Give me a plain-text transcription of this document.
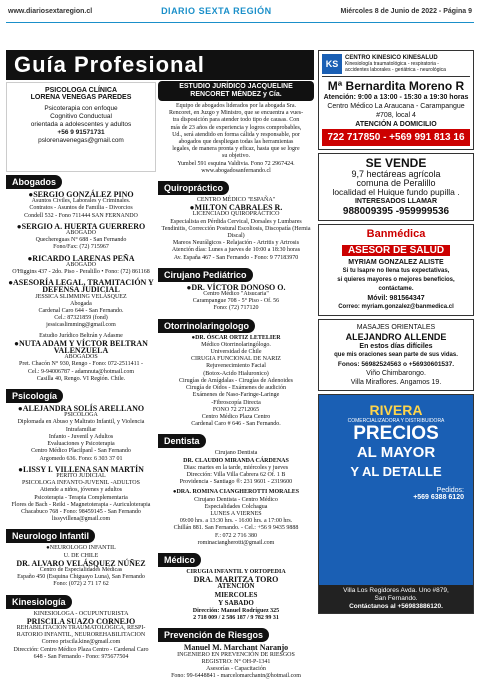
www.diariosextaregion.cl	DIARIO SEXTA REGIÓN	Miércoles 8 de Junio de 2022 - Página 9
Guía Profesional
PSICOLOGA CLÍNICA
LORENA VENEGAS PAREDES
Psicoterapia con enfoque
Cognitivo Conductual
orientada a adolescentes y adultos
+56 9 91571731
pslorenavenegas@gmail.com
Abogados
● SERGIO GONZÁLEZ PINO
Asuntos Civiles, Laborales y Criminales.
Contratos - Asuntos de Familia - Divorcios
Condell 532 - Fono 711444 SAN FERNANDO
● SERGIO A. HUERTA GUERRERO
ABOGADO
Quechereguas N° 688 - San Fernando
Fono/Fax: (72) 715967
● RICARDO LARENAS PEÑA
ABOGADO
O'Higgins 437 - 2do. Piso - Peralillo • Fono: (72) 861168
● ASESORÍA LEGAL, TRAMITACIÓN Y DEFENSA JUDICIAL
JESSICA SLIMMING VELÁSQUEZ
Abogada
Cardenal Caro 644 - San Fernando.
Cel.: 87321859 (fond)
jessicaslimming@gmail.com
Estudio Jurídico Beltrán y Adasme
● NUTA ADAM Y VÍCTOR BELTRAN VALENZUELA
ABOGADOS
Pret. Chacón N° 930, Rengo - Fono: 072-2511411 -
Cel.: 9-94006787 - adamnuta@hotmail.com
Casilla 40, Rengo. VI Región. Chile.
Psicología
● ALEJANDRA SOLÍS ARELLANO
PSICÓLOGA
Diplomada en Abuso y Maltrato Infantil, y Violencia Intrafamiliar
Infanto - Juvenil y Adultos
Evaluaciones y Psicoterapia
Centro Médico Placilpanl - San Fernando
Argomedo 636. Fono: 6 303 37 01
● LISSY I. VILLENA SAN MARTÍN
PERITO JUDICIAL
PSICOLOGA INFANTO-JUVENIL -ADULTOS
Atiende a niños, jóvenes y adultos
Psicoterapia - Terapia Complementaria
Flores de Bach - Reiki - Magnetoterapia - Auriculoterapia
Chacabuco 768 - Fono: 98459145 - San Fernando
lissyvillena@gmail.com
Neurologo Infantil
● NEUROLOGO INFANTIL
U. DE CHILE
DR. ALVARO VELÁSQUEZ NÚÑEZ
Centro de Especialidades Médicas
Españo 450 (Esquina Chiguayo Luna), San Fernando
Fono: (072) 2 71 17 62
Kinesiología
KINESIOLOGA - OCUPUNTURISTA
PRISCILA SUAZO CORNEJO
REHABILITACION TRAUMATOLÓGICA, RESPI-
RATORIO INFANTIL, NEUROREHABILITACION
Correo priscila.kine@gmail.com
Dirección: Centro Médico Plaza Centro - Cardenal Caro
648 - San Fernando - Fono: 975677504
ESTUDIO JURÍDICO JACQUELINE RENCORET MÉNDEZ y Cía.
Equipo de abogados liderados por la abogada Sra.
Rencoret, en Juzgo y Ministro, que se encuentra a vues-
tra disposición para atender todo tipo de causas. Con
más de 23 años de experiencia y logros comprobables,
Ud., será atendido en forma cálida y responsable, por
abogados que despliegan todas las herramientas
legales, de manera pronta y eficaz, hasta que se logre
su objetivo.
Yumbel 591 esquina Valdivia. Fono 72 2967424.
www.abogadosanfernando.cl
Quiropráctico
CENTRO MÉDICO "ESPAÑA"
● MILTON CABRALES R.
LICENCIADO QUIROPRÁCTICO
Especialista en Pérdida Cervical, Dorsales y Lumbares
Tendinitis, Corrección Postural Escoliosis, Discopatía (Hernia Discal)
Mareos Neurálgicos - Relajación - Artritis y Artrosis
Atención días: Lunes a jueves de 10:00 a 18:30 horas
Av. España 467 - San Fernando - Fono: 9 77183970
Cirujano Pediátrico
● DR. VÍCTOR DONOSO O.
Centro Médico "Atsucaria"
Carampangue 708 - 5° Piso - Of. 56
Fono: (72) 717120
Otorrinolaringologo
● DR. ÓSCAR ORTIZ LETELIER
Médico Otorrinolaringólogo.
Universidad de Chile
CIRUGIA FUNCIONAL DE NARIZ
Rejuvenecimiento Facial
(Botox-Acido Hialuronico)
Cirugías de Amígdalas - Cirugías de Adenoides
Cirugía de Oídos - Exámenes de audición
Exámenes de Naso-Faringe-Laringe
-Fibroscopía Directa
FONO 72 2712065
Centro Médico Plaza Centro
Cardenal Caro # 646 - San Fernando.
Dentista
Cirujano Dentista
DR. CLAUDIO MIRANDA CÁRDENAS
Dias: martes en la tarde, miércoles y jueves
Dirección: Villa Villa Cabrera 62 Of. 1 B
Providencia - Santiago ®: 231 9601 - 2319600
● DRA. ROMINA CIANGHEROTTI MORALES
Cirujano Dentista - Centro Médico
Especialidades Colchagua
LUNES A VIERNES
09:00 hrs. a 13:30 hrs. - 16:00 hrs. a 17:00 hrs.
Chillán 881. San Fernando. - Cel.: +56 9 9435 9888
F.: 072 2 716 380
rominaciangherotti@gmail.com
Médico
CIRUGIA INFANTIL Y ORTOPEDIA
DRA. MARITZA TORO
ATENCIÓN
MIERCOLES
Y SABADO
Dirección: Manuel Rodríguez 325
2 718 009 / 2 586 187 / 9 782 99 31
Prevención de Riesgos
Manuel M. Marchant Naranjo
INGENIERO EN PREVENCIÓN DE RIESGOS
REGISTRO: N° OH-P-1341
Asesorías - Capacitación
Fono: 99-6448841 - marcelomarchantn@hotmail.com
KS
CENTRO KINESICO KINESALUD
Kinesiología traumatológica - respiratoria -
accidentes laborales - geriátrica - neurológica
Mª Bernardita Moreno R
Atención: 9:00 a 13:00 - 15:30 a 19:30 horas
Centro Médico La Araucana - Carampangue #708, local 4
ATENCIÓN A DOMICILIO
722 717850 - +569 991 813 16
SE VENDE
9,7 hectáreas agrícola
comuna de Peralillo
localidad el Huique fundo pupilla .
INTERESADOS LLAMAR
988009395 -959999536
Banmédica
ASESOR DE SALUD
MYRIAM GONZALEZ ALISTE
Si tu Isapre no llena tus expectativas,
si quieres mayores o mejores beneficios,
contáctame.
Móvil: 981564347
Correo: myriam.gonzalez@banmedica.cl
MASAJES ORIENTALES
ALEJANDRO ALLENDE
En estos días difíciles
que mis oraciones sean parte de sus vidas.
Fonos: 56982524563 o +56930601537.
Viño Chimbarongo.
Villa Miraflores. Angamos 19.
RIVERA
COMERCIALIZADORA Y DISTRIBUIDORA
PRECIOS
AL MAYOR
Y AL DETALLE
Pedidos:
+569 6388 6120
Villa Los Regidores Avda. Uno #879,
San Fernando.
Contáctanos al +56983886120.
